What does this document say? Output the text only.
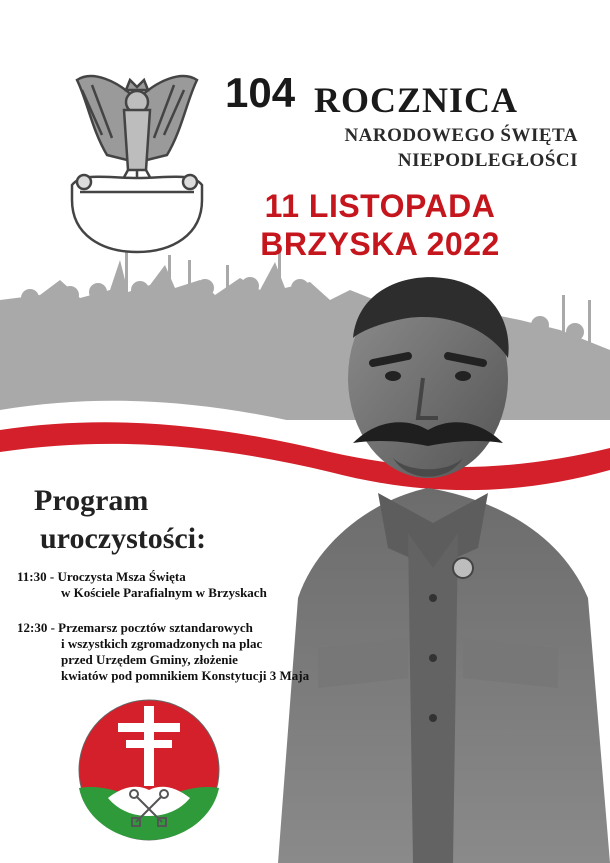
104 ROCZNICA
NARODOWEGO ŚWIĘTA
NIEPODLEGŁOŚCI
11 LISTOPADA
BRZYSKA 2022
Program
uroczystości:
11:30 - Uroczysta Msza Święta
w Kościele Parafialnym w Brzyskach
12:30 - Przemarsz pocztów sztandarowych
i wszystkich zgromadzonych na plac
przed Urzędem Gminy, złożenie
kwiatów pod pomnikiem Konstytucji 3 Maja
